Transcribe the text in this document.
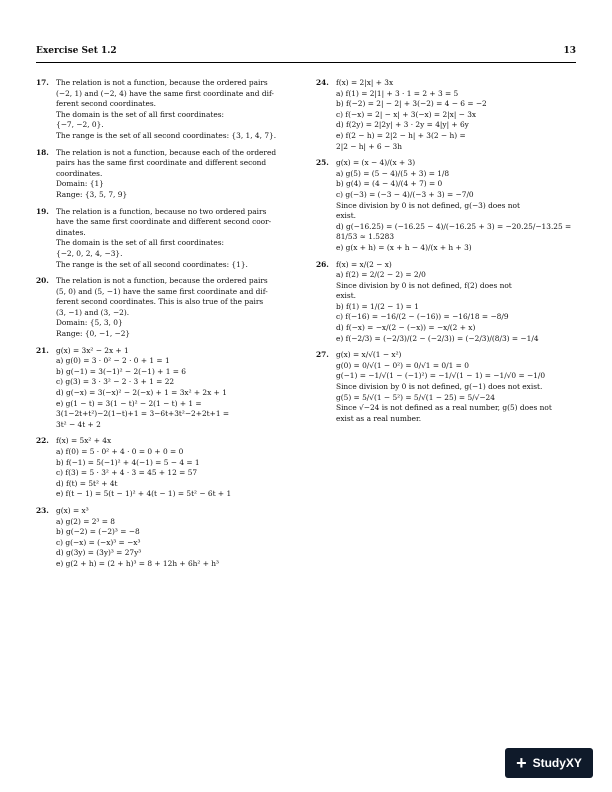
Exercise Set 1.2	13
17. The relation is not a function, because the ordered pairs
(−2, 1) and (−2, 4) have the same first coordinate and dif-
ferent second coordinates.
The domain is the set of all first coordinates:
{−7, −2, 0}.
The range is the set of all second coordinates: {3, 1, 4, 7}.
18. The relation is not a function, because each of the ordered
pairs has the same first coordinate and different second
coordinates.
Domain: {1}
Range: {3, 5, 7, 9}
19. The relation is a function, because no two ordered pairs
have the same first coordinate and different second coor-
dinates.
The domain is the set of all first coordinates:
{−2, 0, 2, 4, −3}.
The range is the set of all second coordinates: {1}.
20. The relation is not a function, because the ordered pairs
(5, 0) and (5, −1) have the same first coordinate and dif-
ferent second coordinates. This is also true of the pairs
(3, −1) and (3, −2).
Domain: {5, 3, 0}
Range: {0, −1, −2}
21. g(x) = 3x² − 2x + 1
a) g(0) = 3 · 0² − 2 · 0 + 1 = 1
b) g(−1) = 3(−1)² − 2(−1) + 1 = 6
c) g(3) = 3 · 3² − 2 · 3 + 1 = 22
d) g(−x) = 3(−x)² − 2(−x) + 1 = 3x² + 2x + 1
e) g(1 − t) = 3(1 − t)² − 2(1 − t) + 1 =
3(1−2t+t²)−2(1−t)+1 = 3−6t+3t²−2+2t+1 =
3t² − 4t + 2
22. f(x) = 5x² + 4x
a) f(0) = 5 · 0² + 4 · 0 = 0 + 0 = 0
b) f(−1) = 5(−1)² + 4(−1) = 5 − 4 = 1
c) f(3) = 5 · 3² + 4 · 3 = 45 + 12 = 57
d) f(t) = 5t² + 4t
e) f(t − 1) = 5(t − 1)² + 4(t − 1) = 5t² − 6t + 1
23. g(x) = x³
a) g(2) = 2³ = 8
b) g(−2) = (−2)³ = −8
c) g(−x) = (−x)³ = −x³
d) g(3y) = (3y)³ = 27y³
e) g(2 + h) = (2 + h)³ = 8 + 12h + 6h² + h³
24. f(x) = 2|x| + 3x
a) f(1) = 2|1| + 3 · 1 = 2 + 3 = 5
b) f(−2) = 2| − 2| + 3(−2) = 4 − 6 = −2
c) f(−x) = 2| − x| + 3(−x) = 2|x| − 3x
d) f(2y) = 2|2y| + 3 · 2y = 4|y| + 6y
e) f(2 − h) = 2|2 − h| + 3(2 − h) =
2|2 − h| + 6 − 3h
25. g(x) = (x − 4)/(x + 3)
a) g(5) = (5 − 4)/(5 + 3) = 1/8
b) g(4) = (4 − 4)/(4 + 7) = 0
c) g(−3) = (−3 − 4)/(−3 + 3) = −7/0
Since division by 0 is not defined, g(−3) does not
exist.
d) g(−16.25) = (−16.25 − 4)/(−16.25 + 3) = −20.25/−13.25 = 81/53 ≈ 1.5283
e) g(x + h) = (x + h − 4)/(x + h + 3)
26. f(x) = x/(2 − x)
a) f(2) = 2/(2 − 2) = 2/0
Since division by 0 is not defined, f(2) does not
exist.
b) f(1) = 1/(2 − 1) = 1
c) f(−16) = −16/(2 − (−16)) = −16/18 = −8/9
d) f(−x) = −x/(2 − (−x)) = −x/(2 + x)
e) f(−2/3) = (−2/3)/(2 − (−2/3)) = (−2/3)/(8/3) = −1/4
27. g(x) = x/√(1 − x²)
g(0) = 0/√(1 − 0²) = 0/√1 = 0/1 = 0
g(−1) = −1/√(1 − (−1)²) = −1/√(1 − 1) = −1/√0 = −1/0
Since division by 0 is not defined, g(−1) does not exist.
g(5) = 5/√(1 − 5²) = 5/√(1 − 25) = 5/√−24
Since √−24 is not defined as a real number, g(5) does not
exist as a real number.
+ StudyXY
